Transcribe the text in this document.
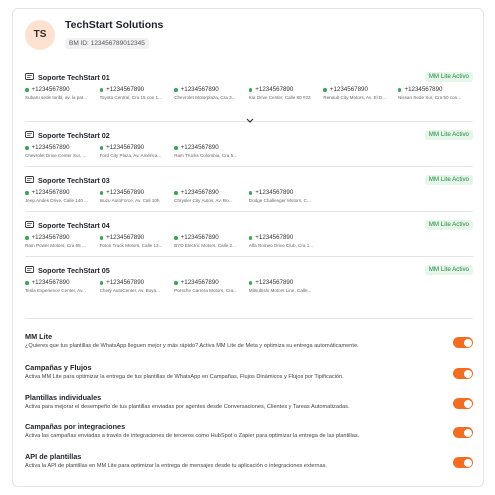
TS
TechStart Solutions
BM ID: 123456789012345
Soporte TechStart 01	MM Lite Activo
+1234567890
Subaru sede toribl, av. la pat...
+1234567890
Toyota Central, Cra 15 con 1...
+1234567890
Chevrolet Motorplaza, Cra 3...
+1234567890
Kia Drive Center, Calle 80 #23
+1234567890
Renault City Motors, Av. El D...
+1234567890
Nissan Sede Sur, Cra 50 con...
Soporte TechStart 02	MM Lite Activo
+1234567890
Chevrolet Drive Center Sur, ...
+1234567890
Ford City Plaza, Av. América...
+1234567890
Ram Trucks Colombia, Cra 5...
Soporte TechStart 03	MM Lite Activo
+1234567890
Jeep Andes Drive, Calle 140 ...
+1234567890
Isuzu AutoForce, Av. Cali 10h
+1234567890
Chrysler City Autos, Av. Bo...
+1234567890
Dodge Challenger Motors, C...
Soporte TechStart 04	MM Lite Activo
+1234567890
Ram Power Motors, Cra 65 ...
+1234567890
Foton Truck Motors, Calle 13...
+1234567890
BYD Electric Motors, Calle 2...
+1234567890
Alfa Romeo Drive Club, Cra 1...
Soporte TechStart 05	MM Lite Activo
+1234567890
Tesla Experience Center, Av...
+1234567890
Chery AutoCenter, Av. Boya...
+1234567890
Porsche Carrera Motors, Cra...
+1234567890
Mitsubishi Motors Line, Calle...
MM Lite
¿Quieres que tus plantillas de WhatsApp lleguen mejor y más rápido? Activa MM Lite de Meta y optimiza su entrega automáticamente.
Campañas y Flujos
Activa MM Lite para optimizar la entrega de tus plantillas de WhatsApp en Campañas, Flujos Dinámicos y Flujos por Tipificación.
Plantillas individuales
Activa para mejorar el desempeño de tus plantillas enviadas por agentes desde Conversaciones, Clientes y Tareas Automatizadas.
Campañas por integraciones
Activa las campañas enviadas a través de integraciones de terceros como HubSpot o Zapier para optimizar la entrega de las plantillas.
API de plantillas
Activa la API de plantillas en MM Lite para optimizar la entrega de mensajes desde tu aplicación o integraciones externas.
